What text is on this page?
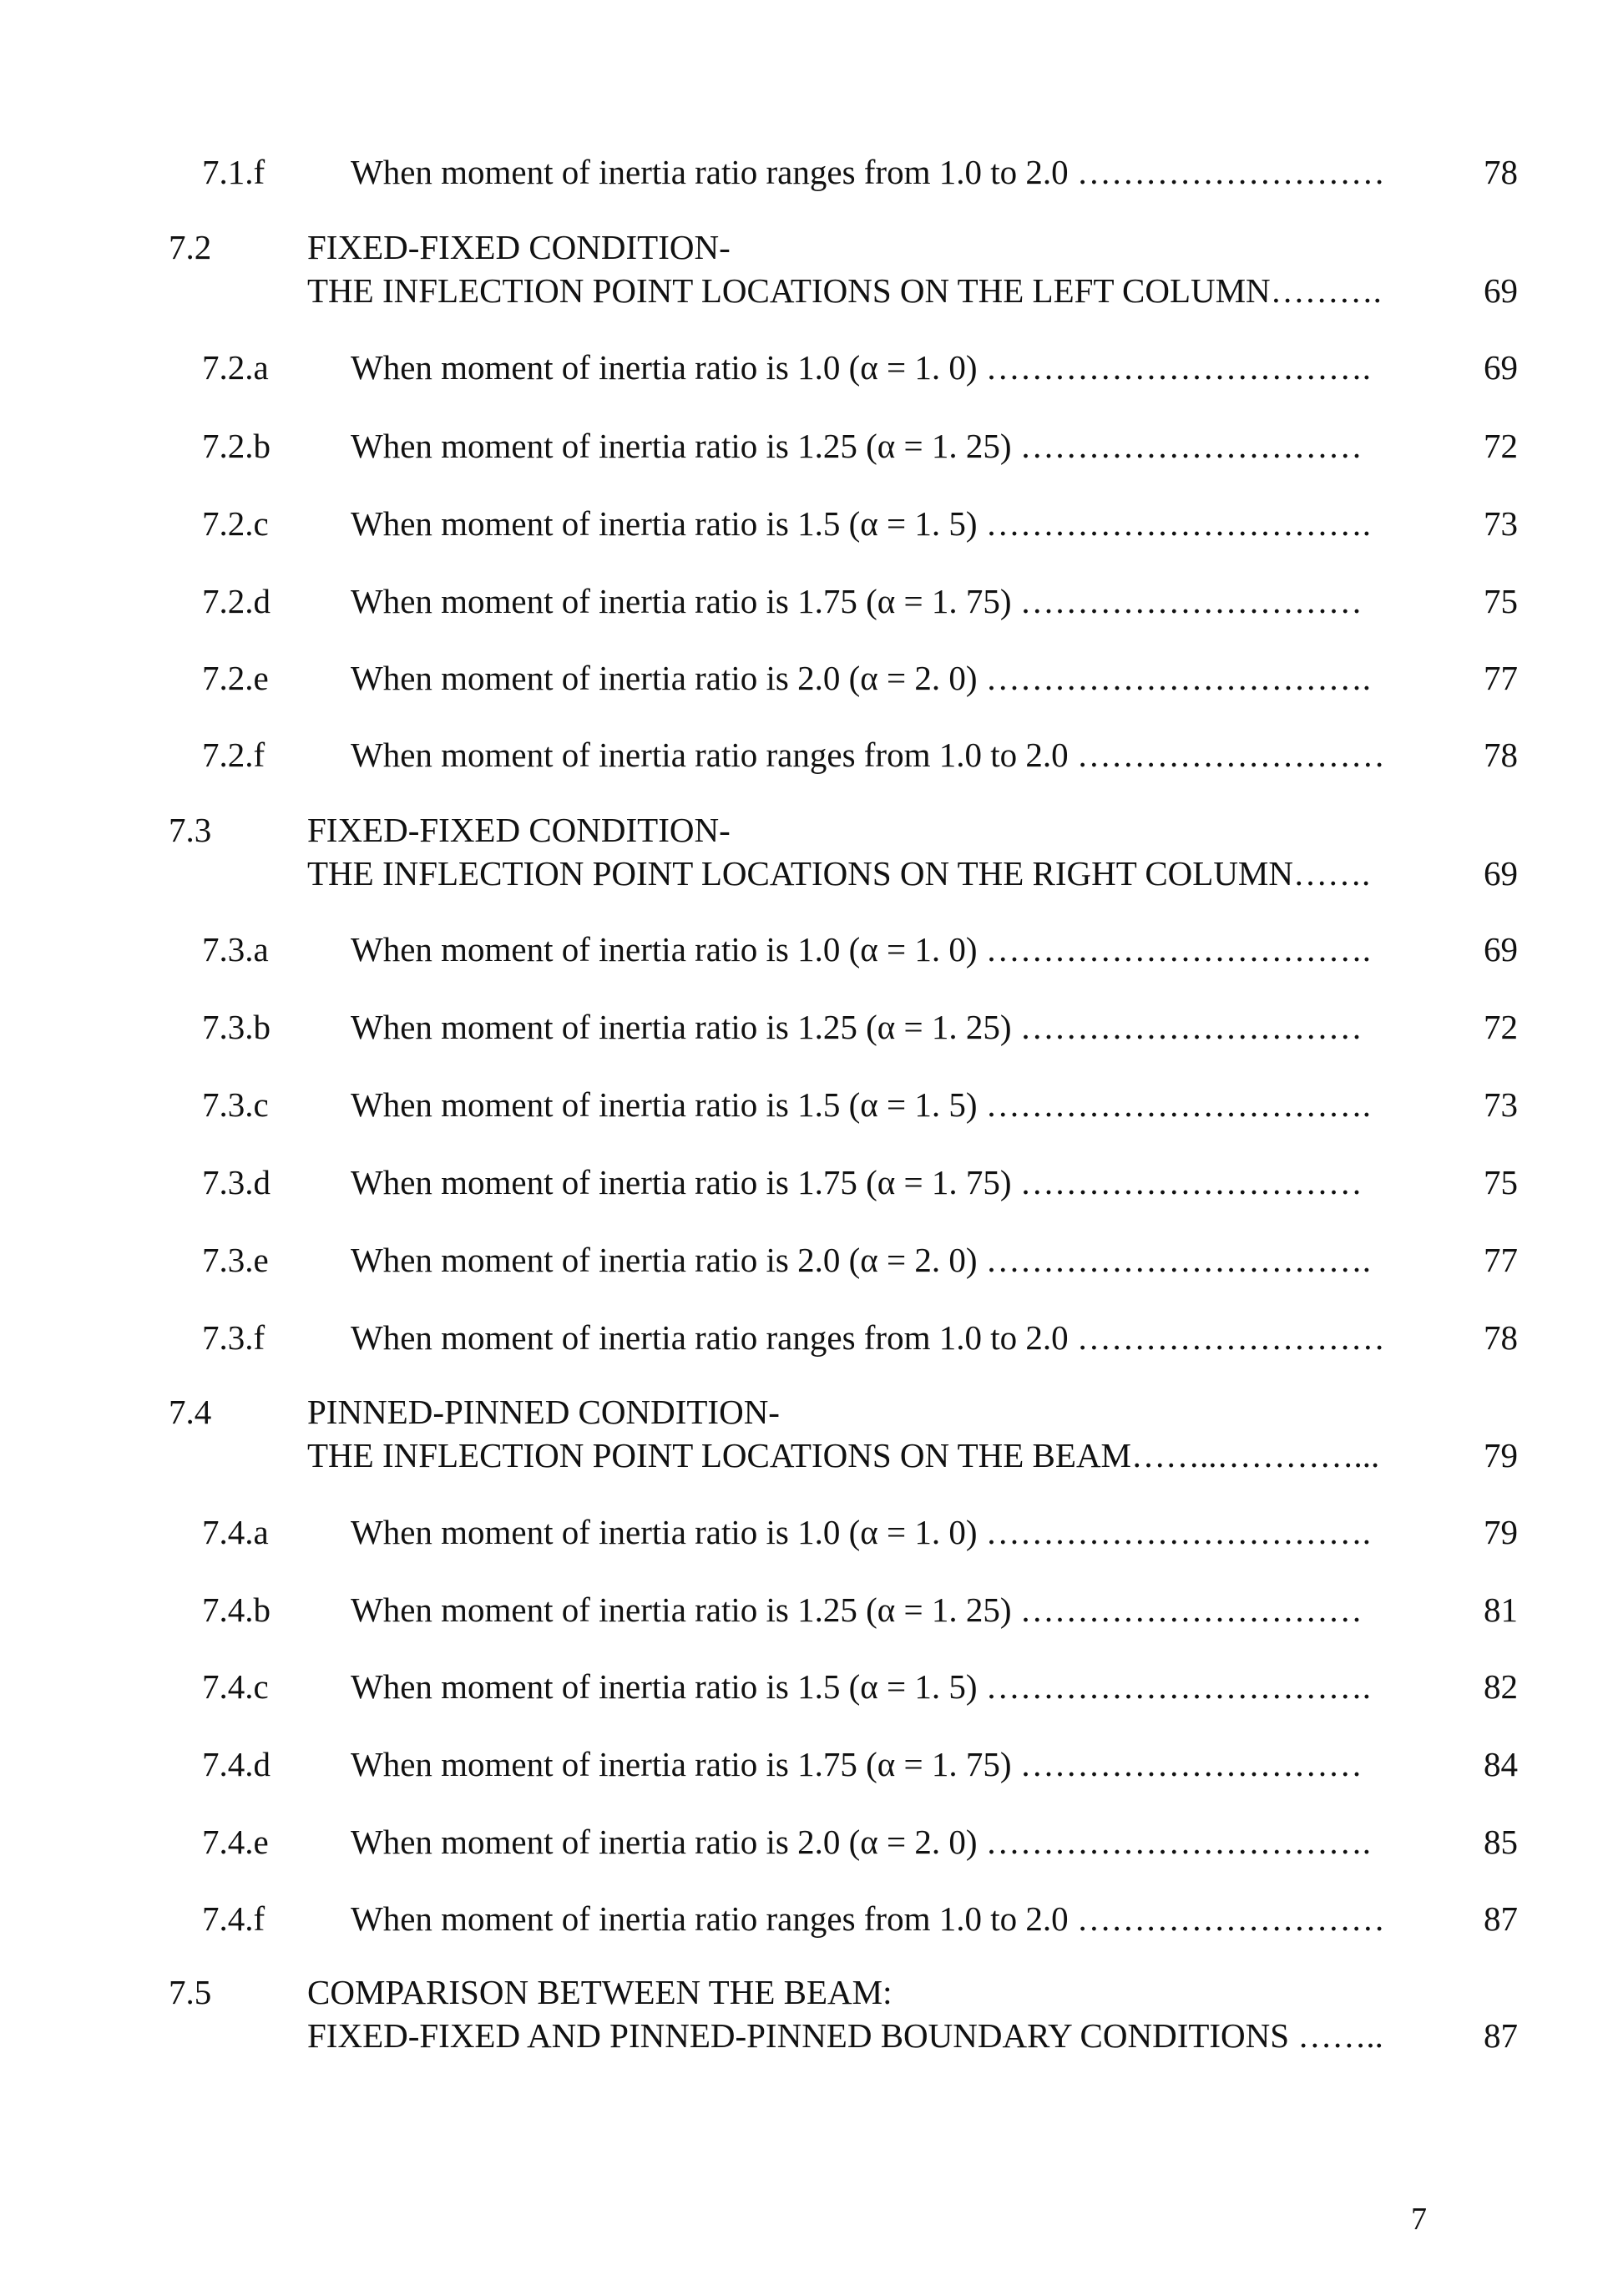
7.1.f	When moment of inertia ratio ranges from 1.0 to 2.0 ………………………	78
7.2	FIXED-FIXED CONDITION-
THE INFLECTION POINT LOCATIONS ON THE LEFT COLUMN……….	69
7.2.a When moment of inertia ratio is 1.0 (α = 1. 0) …………………………….	69
7.2.b When moment of inertia ratio is 1.25 (α = 1. 25) …………………………	72
7.2.c When moment of inertia ratio is 1.5 (α = 1. 5) …………………………….	73
7.2.d When moment of inertia ratio is 1.75 (α = 1. 75) …………………………	75
7.2.e When moment of inertia ratio is 2.0 (α = 2. 0) …………………………….	77
7.2.f	When moment of inertia ratio ranges from 1.0 to 2.0 ………………………	78
7.3	FIXED-FIXED CONDITION-
THE INFLECTION POINT LOCATIONS ON THE RIGHT COLUMN…….	69
7.3.a When moment of inertia ratio is 1.0 (α = 1. 0) …………………………….	69
7.3.b When moment of inertia ratio is 1.25 (α = 1. 25) …………………………	72
7.3.c When moment of inertia ratio is 1.5 (α = 1. 5) …………………………….	73
7.3.d When moment of inertia ratio is 1.75 (α = 1. 75) …………………………	75
7.3.e When moment of inertia ratio is 2.0 (α = 2. 0) …………………………….	77
7.3.f	When moment of inertia ratio ranges from 1.0 to 2.0 ………………………	78
7.4	PINNED-PINNED CONDITION-
THE INFLECTION POINT LOCATIONS ON THE BEAM……..…………...	79
7.4.a When moment of inertia ratio is 1.0 (α = 1. 0) …………………………….	79
7.4.b When moment of inertia ratio is 1.25 (α = 1. 25) …………………………	81
7.4.c When moment of inertia ratio is 1.5 (α = 1. 5) …………………………….	82
7.4.d When moment of inertia ratio is 1.75 (α = 1. 75) …………………………	84
7.4.e When moment of inertia ratio is 2.0 (α = 2. 0) …………………………….	85
7.4.f	When moment of inertia ratio ranges from 1.0 to 2.0 ………………………	87
7.5	COMPARISON BETWEEN THE BEAM:
FIXED-FIXED AND PINNED-PINNED BOUNDARY CONDITIONS ……..	87
7
